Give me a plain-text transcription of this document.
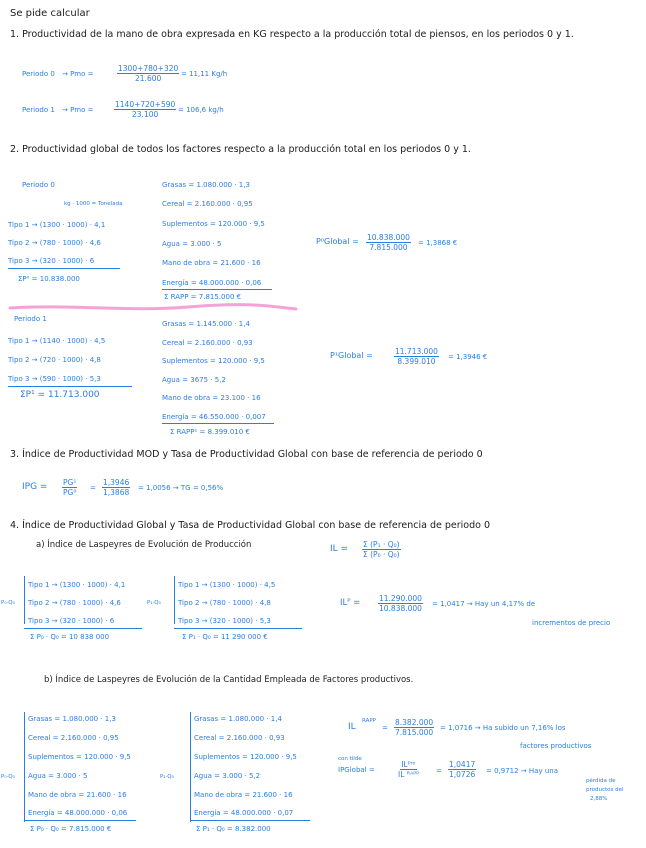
Se pide calcular
1. Productividad de la mano de obra expresada en KG respecto a la producción total de piensos, en los periodos 0 y 1.
Periodo 0 → Pmo =	$\frac{1300+780+320}{21.600} = 11,11$ Kg/h
Periodo 1 → Pmo =	$\frac{1140+720+590}{23.100} = 106,6$ kg/h
2. Productividad global de todos los factores respecto a la producción total en los periodos 0 y 1.
Periodo 0
kg · 1000 = Tonelada
Tipo 1 → (1300 · 1000) · 4,1
Tipo 2 → (780 · 1000) · 4,6
Tipo 3 → (320 · 1000) · 6
ΣP⁰ = 10.838.000
Grasas = 1.080.000 · 1,3
Cereal = 2.160.000 · 0,95
Suplementos = 120.000 · 9,5
Agua = 3.000 · 5
Mano de obra = 21.600 · 16
Energía = 48.000.000 · 0,06
Σ RAPP = 7.815.000 €
P⁰Global = $\frac{10.838.000}{7.815.000} = 1,3868$ €
Periodo 1
Tipo 1 → (1140 · 1000) · 4,5
Tipo 2 → (720 · 1000) · 4,8
Tipo 3 → (590 · 1000) · 5,3
ΣP¹ = 11.713.000
Grasas = 1.145.000 · 1,4
Cereal = 2.160.000 · 0,93
Suplementos = 120.000 · 9,5
Agua = 3675 · 5,2
Mano de obra = 23.100 · 16
Energía = 46.550.000 · 0,007
Σ RAPP¹ = 8.399.010 €
P¹Global =	$\frac{11.713.000}{8.399.010} = 1,3946$ €
3. Índice de Productividad MOD y Tasa de Productividad Global con base de referencia de periodo 0
IPG = $\frac{\text{PG¹}}{\text{PG⁰}} = \frac{1,3946}{1,3868} = 1,0056$ → TG = 0,56%
4. Índice de Productividad Global y Tasa de Productividad Global con base de referencia de periodo 0
a) Índice de Laspeyres de Evolución de Producción	IL = $\frac{\text{Σ (P₁ · Q₀)}}{\text{Σ (P₀ · Q₀)}}$
P₀·Q₀
Tipo 1 → (1300 · 1000) · 4,1
Tipo 2 → (780 · 1000) · 4,6
Tipo 3 → (320 · 1000) · 6
Σ P₀ · Q₀ = 10 838 000
P₁·Q₀
Tipo 1 → (1300 · 1000) · 4,5
Tipo 2 → (780 · 1000) · 4,8
Tipo 3 → (320 · 1000) · 5,3
Σ P₁ · Q₀ = 11 290 000 €
ILᴾ = $\frac{11.290.000}{10.838.000} = 1,0417$ → Hay un 4,17% de
incrementos de precio
b) Índice de Laspeyres de Evolución de la Cantidad Empleada de Factores productivos.
P₀·Q₀
Grasas = 1.080.000 · 1,3
Cereal = 2.160.000 · 0,95
Suplementos = 120.000 · 9,5
Agua = 3.000 · 5
Mano de obra = 21.600 · 16
Energía = 48.000.000 · 0,06
Σ P₀ · Q₀ = 7.815.000 €
P₁·Q₀
Grasas = 1.080.000 · 1,4
Cereal = 2.160.000 · 0,93
Suplementos = 120.000 · 9,5
Agua = 3.000 · 5,2
Mano de obra = 21.600 · 16
Energía = 48.000.000 · 0,07
Σ P₁ · Q₀ = 8.382.000
IL
RAPP
= $\frac{8.382.000}{7.815.000} = 1,0716 \to Ha$ subido un 7,16% los
factores productivos
con tilde
IPGlobal =
ILᴾʳᵒ
IL ᴿᴬᴾᴾ = $\frac{1,0417}{1,0726} = 0,9712$ → Hay una
pérdida de
productos del
2,88%
